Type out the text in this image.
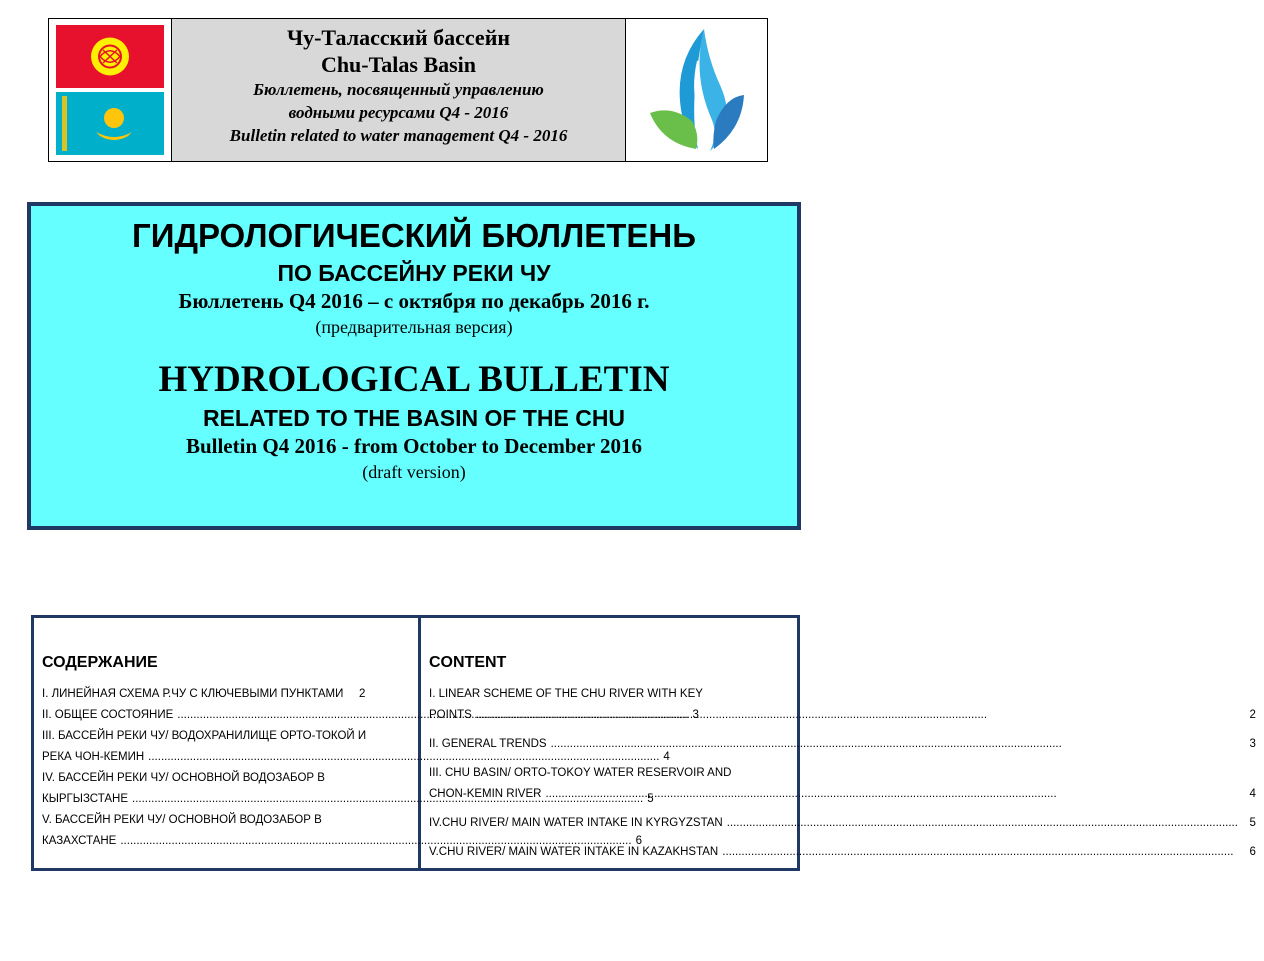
Чу-Таласский бассейн
Chu-Talas Basin
Бюллетень, посвященный управлению
водными ресурсами Q4 - 2016
Bulletin related to water management Q4 - 2016
ГИДРОЛОГИЧЕСКИЙ БЮЛЛЕТЕНЬ
ПО БАССЕЙНУ РЕКИ ЧУ
Бюллетень Q4 2016 – с октября по декабрь 2016 г.
(предварительная версия)
HYDROLOGICAL BULLETIN
RELATED TO THE BASIN OF THE CHU
Bulletin Q4 2016 - from October to December 2016
(draft version)
СОДЕРЖАНИЕ
I. ЛИНЕЙНАЯ СХЕМА Р.ЧУ С КЛЮЧЕВЫМИ ПУНКТАМИ	2
II. ОБЩЕЕ СОСТОЯНИЕ .....	3
III. БАССЕЙН РЕКИ ЧУ/ ВОДОХРАНИЛИЩЕ ОРТО-ТОКОЙ И
РЕКА ЧОН-КЕМИН .....	4
IV. БАССЕЙН РЕКИ ЧУ/ ОСНОВНОЙ ВОДОЗАБОР В
КЫРГЫЗСТАНЕ .....	5
V. БАССЕЙН РЕКИ ЧУ/ ОСНОВНОЙ ВОДОЗАБОР В
КАЗАХСТАНЕ .....	6
CONTENT
I. LINEAR SCHEME OF THE CHU RIVER WITH KEY
POINTS .....	2
II. GENERAL TRENDS .....	3
III. CHU BASIN/ ORTO-TOKOY WATER RESERVOIR AND
CHON-KEMIN RIVER .....	4
IV.CHU RIVER/ MAIN WATER INTAKE IN KYRGYZSTAN .....	5
V.CHU RIVER/ MAIN WATER INTAKE IN KAZAKHSTAN .....	6
